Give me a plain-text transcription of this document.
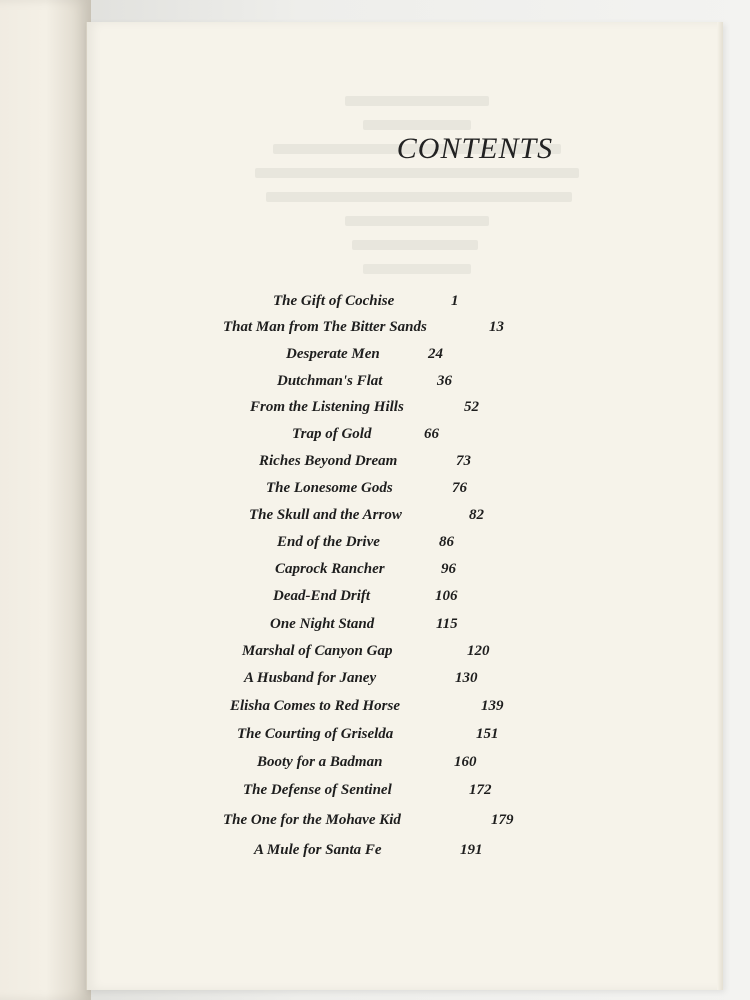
CONTENTS
The Gift of Cochise	1
That Man from The Bitter Sands	13
Desperate Men	24
Dutchman's Flat	36
From the Listening Hills	52
Trap of Gold	66
Riches Beyond Dream	73
The Lonesome Gods	76
The Skull and the Arrow	82
End of the Drive	86
Caprock Rancher	96
Dead-End Drift	106
One Night Stand	115
Marshal of Canyon Gap	120
A Husband for Janey	130
Elisha Comes to Red Horse	139
The Courting of Griselda	151
Booty for a Badman	160
The Defense of Sentinel	172
The One for the Mohave Kid	179
A Mule for Santa Fe	191
